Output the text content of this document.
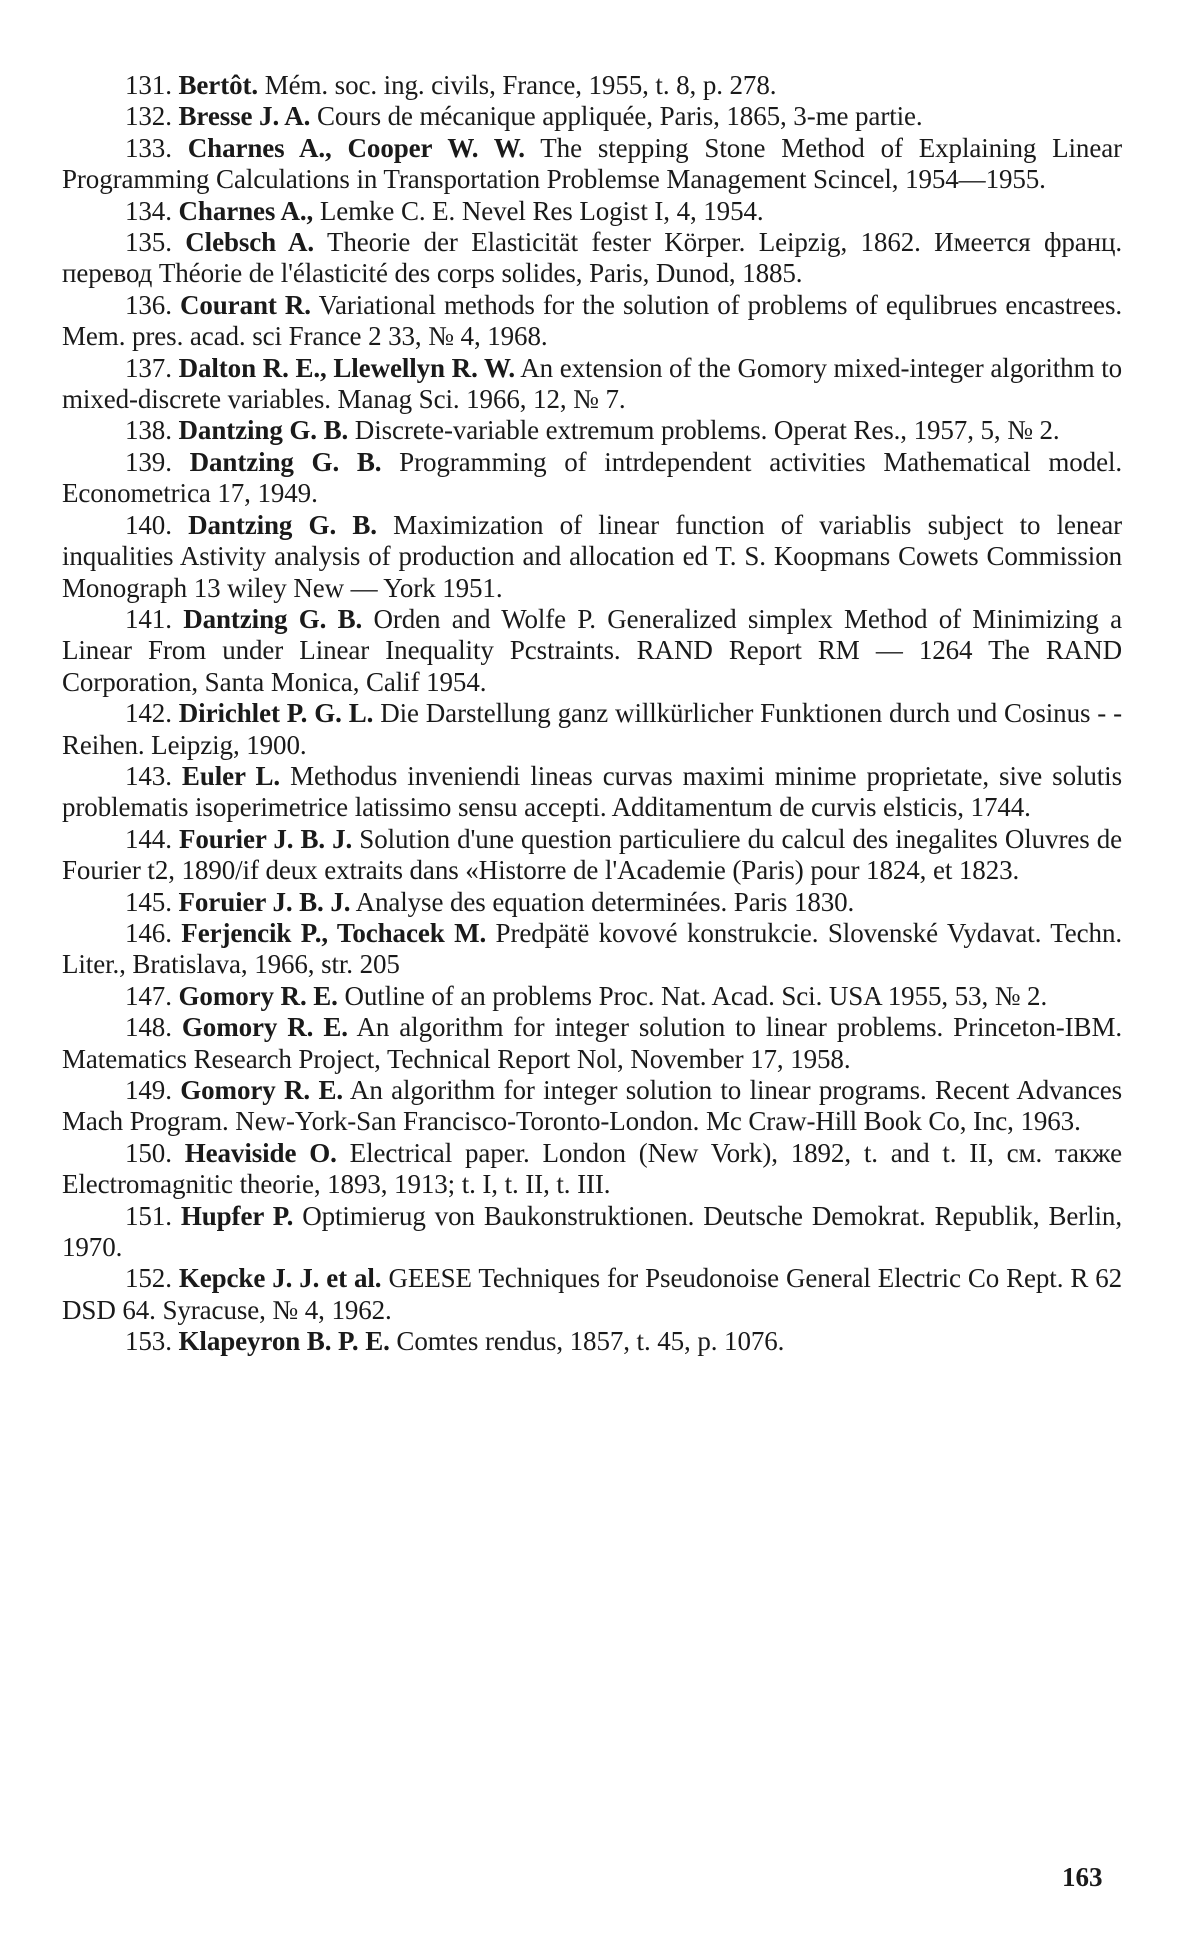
131. Bertôt. Mém. soc. ing. civils, France, 1955, t. 8, p. 278.

132. Bresse J. A. Cours de mécanique appliquée, Paris, 1865, 3-me partie.

133. Charnes A., Cooper W. W. The stepping Stone Method of Explaining Linear Programming Calculations in Transportation Problemse Management Scincel, 1954—1955.

134. Charnes A., Lemke C. E. Nevel Res Logist I, 4, 1954.

135. Clebsch A. Theorie der Elasticität fester Körper. Leipzig, 1862. Имеется франц. перевод Théorie de l'élasticité des corps solides, Paris, Dunod, 1885.

136. Courant R. Variational methods for the solution of problems of equlibrues encastrees. Mem. pres. acad. sci France 2 33, № 4, 1968.

137. Dalton R. E., Llewellyn R. W. An extension of the Gomory mixed-integer algorithm to mixed-discrete variables. Manag Sci. 1966, 12, № 7.

138. Dantzing G. B. Discrete-variable extremum problems. Operat Res., 1957, 5, № 2.

139. Dantzing G. B. Programming of intrdependent activities Mathematical model. Econometrica 17, 1949.

140. Dantzing G. B. Maximization of linear function of variablis subject to lenear inqualities Astivity analysis of production and allocation ed T. S. Koopmans Cowets Commission Monograph 13 wiley New — York 1951.

141. Dantzing G. B. Orden and Wolfe P. Generalized simplex Method of Minimizing a Linear From under Linear Inequality Pcstraints. RAND Report RM — 1264 The RAND Corporation, Santa Monica, Calif 1954.

142. Dirichlet P. G. L. Die Darstellung ganz willkürlicher Funktionen durch und Cosinus - - Reihen. Leipzig, 1900.

143. Euler L. Methodus inveniendi lineas curvas maximi minime proprietate, sive solutis problematis isoperimetrice latissimo sensu accepti. Additamentum de curvis elsticis, 1744.

144. Fourier J. B. J. Solution d'une question particuliere du calcul des inegalites Oluvres de Fourier t2, 1890/if deux extraits dans «Historre de l'Academie (Paris) pour 1824, et 1823.

145. Foruier J. B. J. Analyse des equation determinées. Paris 1830.

146. Ferjencik P., Tochacek M. Predpätë kovové konstrukcie. Slovenské Vydavat. Techn. Liter., Bratislava, 1966, str. 205

147. Gomory R. E. Outline of an problems Proc. Nat. Acad. Sci. USA 1955, 53, № 2.

148. Gomory R. E. An algorithm for integer solution to linear problems. Princeton-IBM. Matematics Research Project, Technical Report Nol, November 17, 1958.

149. Gomory R. E. An algorithm for integer solution to linear programs. Recent Advances Mach Program. New-York-San Francisco-Toronto-London. Mc Craw-Hill Book Co, Inc, 1963.

150. Heaviside O. Electrical paper. London (New Vork), 1892, t. and t. II, см. также Electromagnitic theorie, 1893, 1913; t. I, t. II, t. III.

151. Hupfer P. Optimierug von Baukonstruktionen. Deutsche Demokrat. Republik, Berlin, 1970.

152. Kepcke J. J. et al. GEESE Techniques for Pseudonoise General Electric Co Rept. R 62 DSD 64. Syracuse, № 4, 1962.

153. Klapeyron B. P. E. Comtes rendus, 1857, t. 45, p. 1076.

163
